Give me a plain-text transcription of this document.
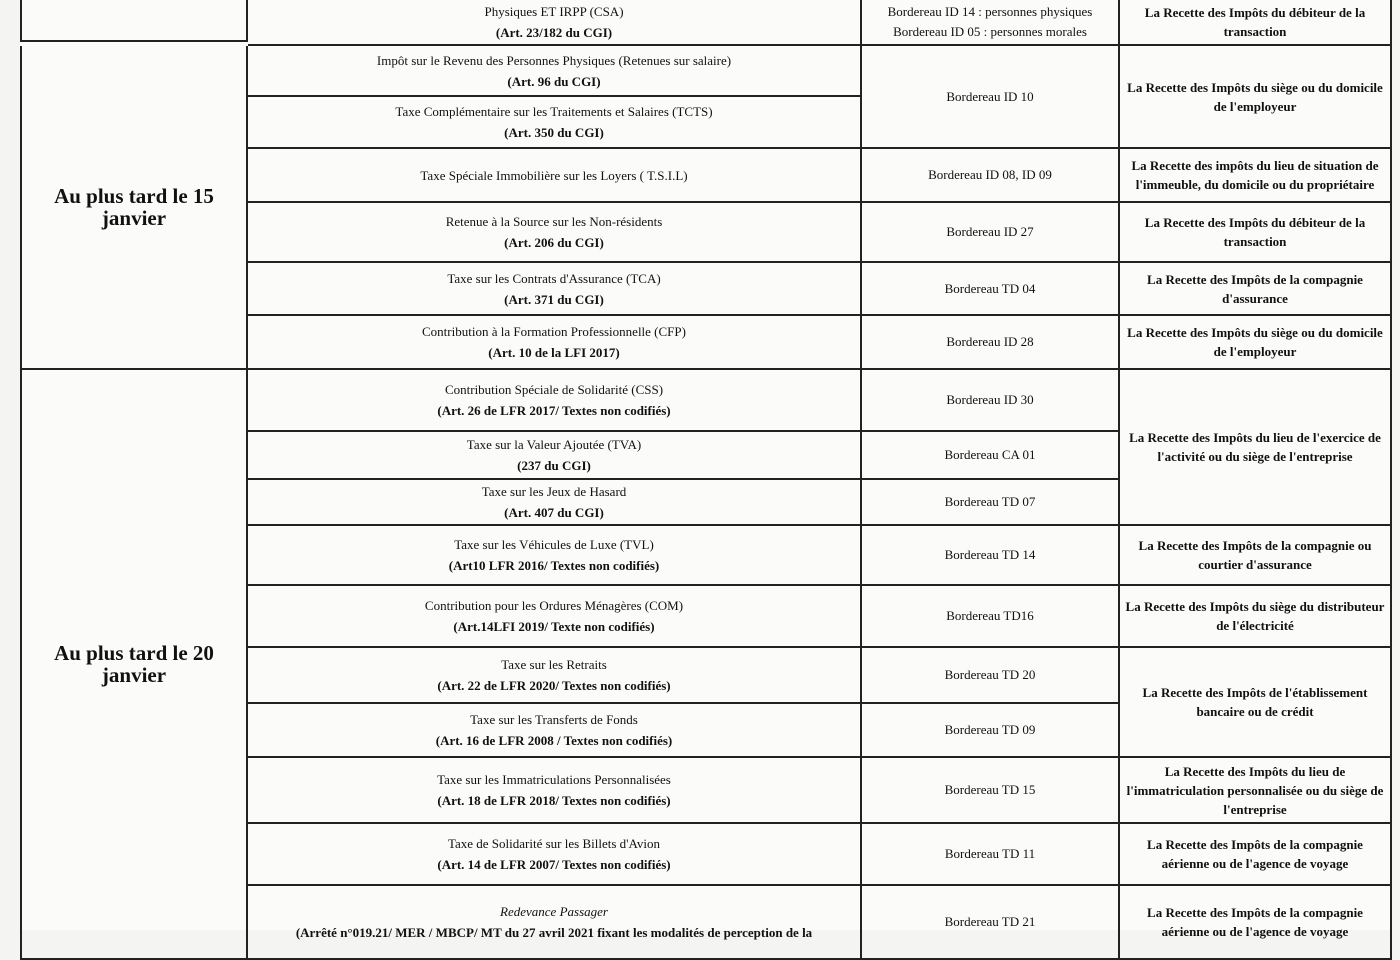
Physiques ET IRPP (CSA)
(Art. 23/182 du CGI)
Bordereau ID 14 : personnes physiques
Bordereau ID 05 : personnes morales
La Recette des Impôts du débiteur de la transaction
Au plus tard le 15 janvier
Impôt sur le Revenu des Personnes Physiques (Retenues sur salaire)
(Art. 96 du CGI)
Bordereau ID 10
La Recette des Impôts du siège ou du domicile de l'employeur
Taxe Complémentaire sur les Traitements et Salaires (TCTS)
(Art. 350 du CGI)
Taxe Spéciale Immobilière sur les Loyers ( T.S.I.L)	Bordereau ID 08, ID 09
La Recette des impôts du lieu de situation de l'immeuble, du domicile ou du propriétaire
Retenue à la Source sur les Non-résidents
(Art. 206 du CGI)
Bordereau ID 27
La Recette des Impôts du débiteur de la transaction
Taxe sur les Contrats d'Assurance (TCA)
(Art. 371 du CGI)
Bordereau TD 04
La Recette des Impôts de la compagnie d'assurance
Contribution à la Formation Professionnelle (CFP)
(Art. 10 de la LFI 2017)
Bordereau ID 28
La Recette des Impôts du siège ou du domicile de l'employeur
Au plus tard le 20 janvier
Contribution Spéciale de Solidarité (CSS)
(Art. 26 de LFR 2017/ Textes non codifiés)
Bordereau ID 30
La Recette des Impôts du lieu de l'exercice de l'activité ou du siège de l'entreprise
Taxe sur la Valeur Ajoutée (TVA)
(237 du CGI)
Bordereau CA 01
Taxe sur les Jeux de Hasard
(Art. 407 du CGI)
Bordereau TD 07
Taxe sur les Véhicules de Luxe (TVL)
(Art10 LFR 2016/ Textes non codifiés)
Bordereau TD 14
La Recette des Impôts de la compagnie ou courtier d'assurance
Contribution pour les Ordures Ménagères (COM)
(Art.14LFI 2019/ Texte non codifiés)
Bordereau TD16
La Recette des Impôts du siège du distributeur de l'électricité
Taxe sur les Retraits
(Art. 22 de LFR 2020/ Textes non codifiés)
Bordereau TD 20
La Recette des Impôts de l'établissement bancaire ou de crédit
Taxe sur les Transferts de Fonds
(Art. 16 de LFR 2008 / Textes non codifiés)
Bordereau TD 09
Taxe sur les Immatriculations Personnalisées
(Art. 18 de LFR 2018/ Textes non codifiés)
Bordereau TD 15
La Recette des Impôts du lieu de l'immatriculation personnalisée ou du siège de l'entreprise
Taxe de Solidarité sur les Billets d'Avion
(Art. 14 de LFR 2007/ Textes non codifiés)
Bordereau TD 11
La Recette des Impôts de la compagnie aérienne ou de l'agence de voyage
Redevance Passager
(Arrêté n°019.21/ MER / MBCP/ MT du 27 avril 2021 fixant les modalités de perception de la
Bordereau TD 21
La Recette des Impôts de la compagnie aérienne ou de l'agence de voyage
